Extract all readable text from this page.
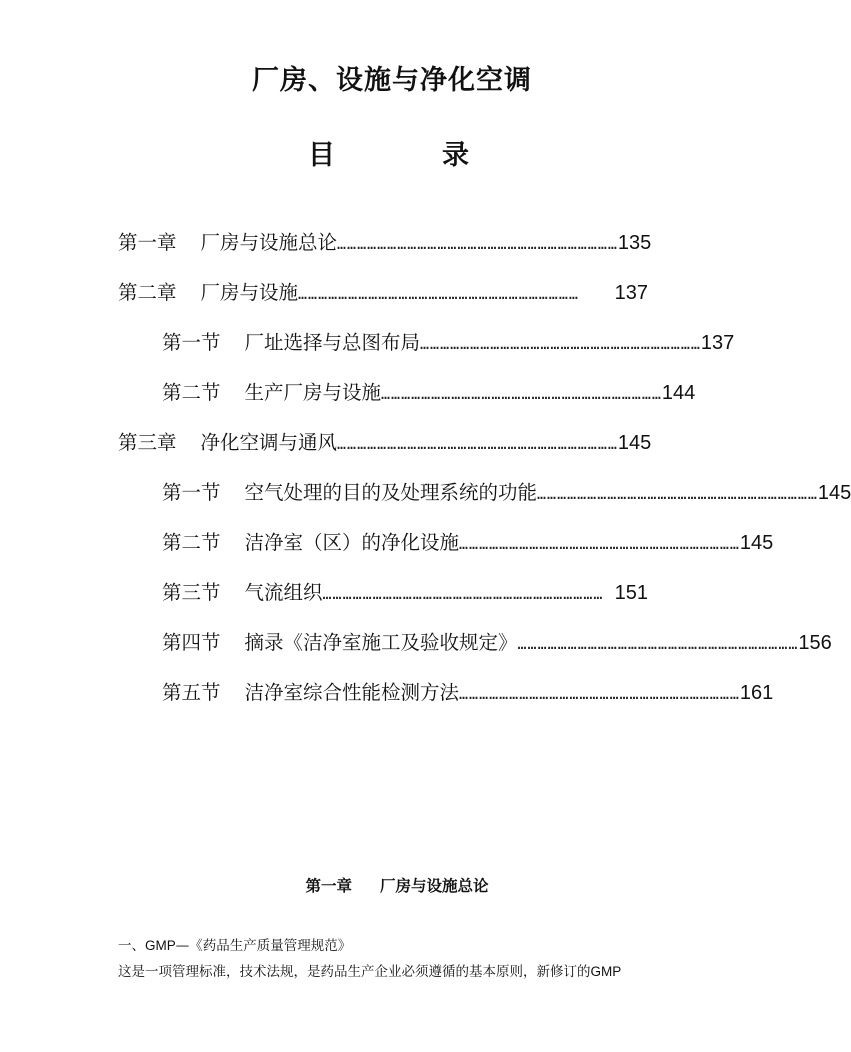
厂房、设施与净化空调
目	录
第一章 厂房与设施总论 ………………………………………………………………………… 135
第二章 厂房与设施 …………………………………………………………………………	137
第一节 厂址选择与总图布局 ………………………………………………………………………… 137
第二节 生产厂房与设施 ………………………………………………………………………… 144
第三章 净化空调与通风 ………………………………………………………………………… 145
第一节 空气处理的目的及处理系统的功能 ………………………………………………………………………… 145
第二节 洁净室（区）的净化设施 ………………………………………………………………………… 145
第三节 气流组织 ………………………………………………………………………… 151
第四节 摘录《洁净室施工及验收规定》 ………………………………………………………………………… 156
第五节 洁净室综合性能检测方法 ………………………………………………………………………… 161
第一章 厂房与设施总论
一、GMP—《药品生产质量管理规范》
这是一项管理标准，技术法规，是药品生产企业必须遵循的基本原则，新修订的GMP
